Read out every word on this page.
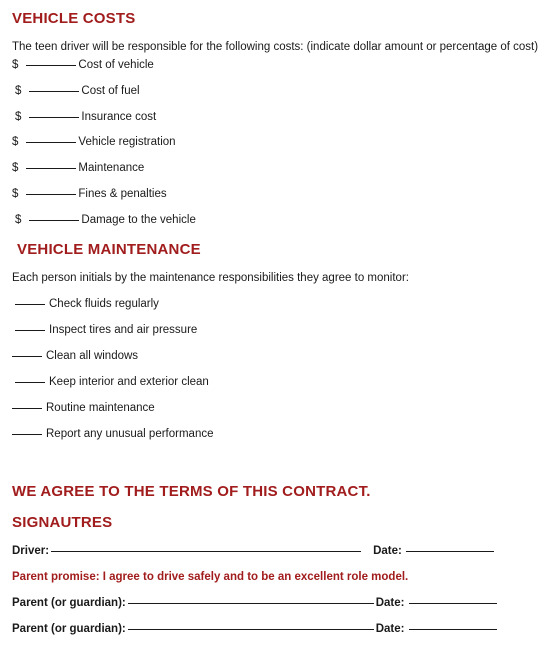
VEHICLE COSTS
The teen driver will be responsible for the following costs: (indicate dollar amount or percentage of cost)
$	Cost of vehicle
$	Cost of fuel
$	Insurance cost
$	Vehicle registration
$	Maintenance
$	Fines & penalties
$	Damage to the vehicle
VEHICLE MAINTENANCE
Each person initials by the maintenance responsibilities they agree to monitor:
Check fluids regularly
Inspect tires and air pressure
Clean all windows
Keep interior and exterior clean
Routine maintenance
Report any unusual performance
WE AGREE TO THE TERMS OF THIS CONTRACT.
SIGNAUTRES
Driver:	Date:
Parent promise: I agree to drive safely and to be an excellent role model.
Parent (or guardian):	Date:
Parent (or guardian):	Date:
